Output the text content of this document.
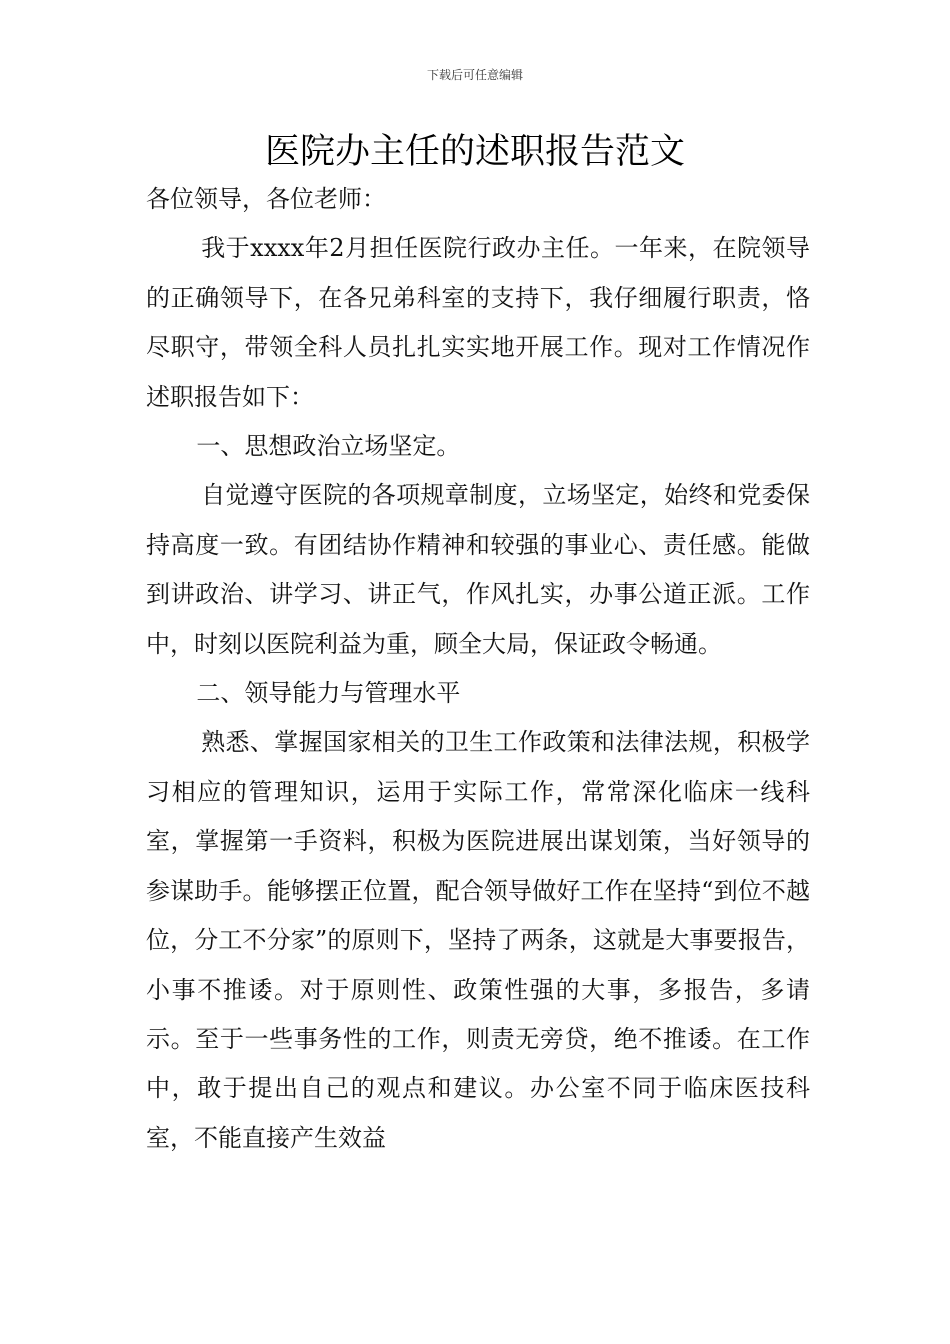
下载后可任意编辑
医院办主任的述职报告范文

各位领导，各位老师：

我于xxxx年2月担任医院行政办主任。一年来，在院领导的正确领导下，在各兄弟科室的支持下，我仔细履行职责，恪尽职守，带领全科人员扎扎实实地开展工作。现对工作情况作述职报告如下：

一、思想政治立场坚定。

自觉遵守医院的各项规章制度，立场坚定，始终和党委保持高度一致。有团结协作精神和较强的事业心、责任感。能做到讲政治、讲学习、讲正气，作风扎实，办事公道正派。工作中，时刻以医院利益为重，顾全大局，保证政令畅通。

二、领导能力与管理水平

熟悉、掌握国家相关的卫生工作政策和法律法规，积极学习相应的管理知识，运用于实际工作，常常深化临床一线科室，掌握第一手资料，积极为医院进展出谋划策，当好领导的参谋助手。能够摆正位置，配合领导做好工作在坚持“到位不越位，分工不分家”的原则下，坚持了两条，这就是大事要报告，小事不推诿。对于原则性、政策性强的大事，多报告，多请示。至于一些事务性的工作，则责无旁贷，绝不推诿。在工作中，敢于提出自己的观点和建议。办公室不同于临床医技科室，不能直接产生效益
